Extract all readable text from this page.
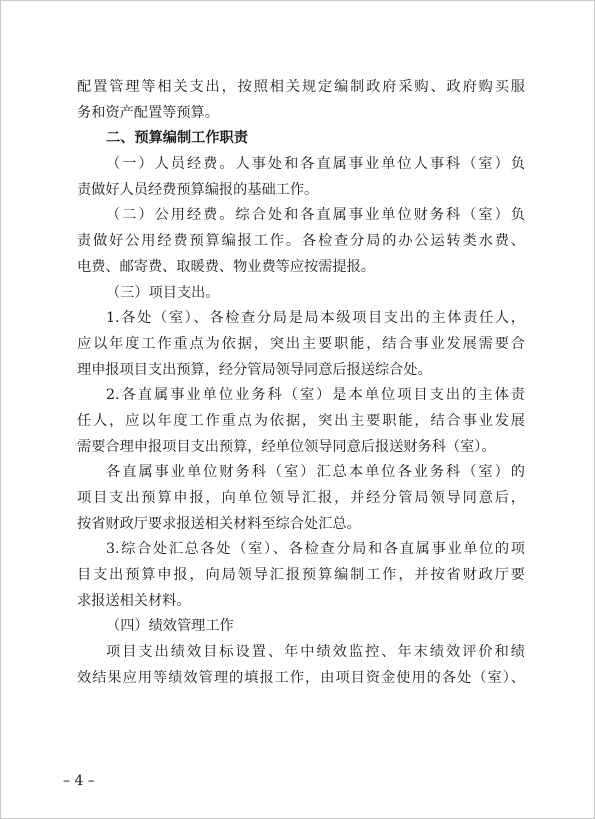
配置管理等相关支出，按照相关规定编制政府采购、政府购买服
务和资产配置等预算。
二、预算编制工作职责
（一）人员经费。人事处和各直属事业单位人事科（室）负
责做好人员经费预算编报的基础工作。
（二）公用经费。综合处和各直属事业单位财务科（室）负
责做好公用经费预算编报工作。各检查分局的办公运转类水费、
电费、邮寄费、取暖费、物业费等应按需提报。
（三）项目支出。
1.各处（室）、各检查分局是局本级项目支出的主体责任人，
应以年度工作重点为依据，突出主要职能，结合事业发展需要合
理申报项目支出预算，经分管局领导同意后报送综合处。
2.各直属事业单位业务科（室）是本单位项目支出的主体责
任人，应以年度工作重点为依据，突出主要职能，结合事业发展
需要合理申报项目支出预算，经单位领导同意后报送财务科（室）。
各直属事业单位财务科（室）汇总本单位各业务科（室）的
项目支出预算申报，向单位领导汇报，并经分管局领导同意后，
按省财政厅要求报送相关材料至综合处汇总。
3.综合处汇总各处（室）、各检查分局和各直属事业单位的项
目支出预算申报，向局领导汇报预算编制工作，并按省财政厅要
求报送相关材料。
（四）绩效管理工作
项目支出绩效目标设置、年中绩效监控、年末绩效评价和绩
效结果应用等绩效管理的填报工作，由项目资金使用的各处（室）、
– 4 –
